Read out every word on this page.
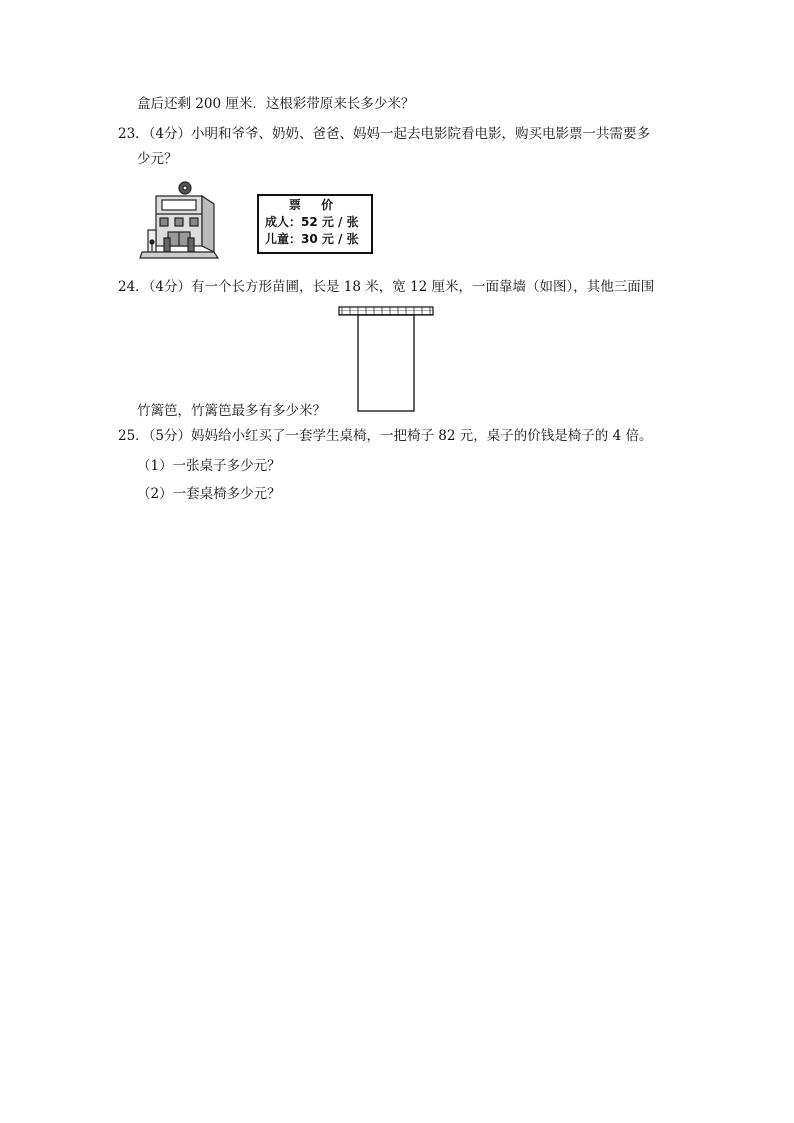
盒后还剩 200 厘米．这根彩带原来长多少米？
23．（4分）小明和爷爷、奶奶、爸爸、妈妈一起去电影院看电影，购买电影票一共需要多
少元？
票 价
成人：52 元 / 张
儿童：30 元 / 张
24．（4分）有一个长方形苗圃，长是 18 米，宽 12 厘米，一面靠墙（如图），其他三面围
竹篱笆，竹篱笆最多有多少米？
25．（5分）妈妈给小红买了一套学生桌椅，一把椅子 82 元，桌子的价钱是椅子的 4 倍。
（1）一张桌子多少元？
（2）一套桌椅多少元？
